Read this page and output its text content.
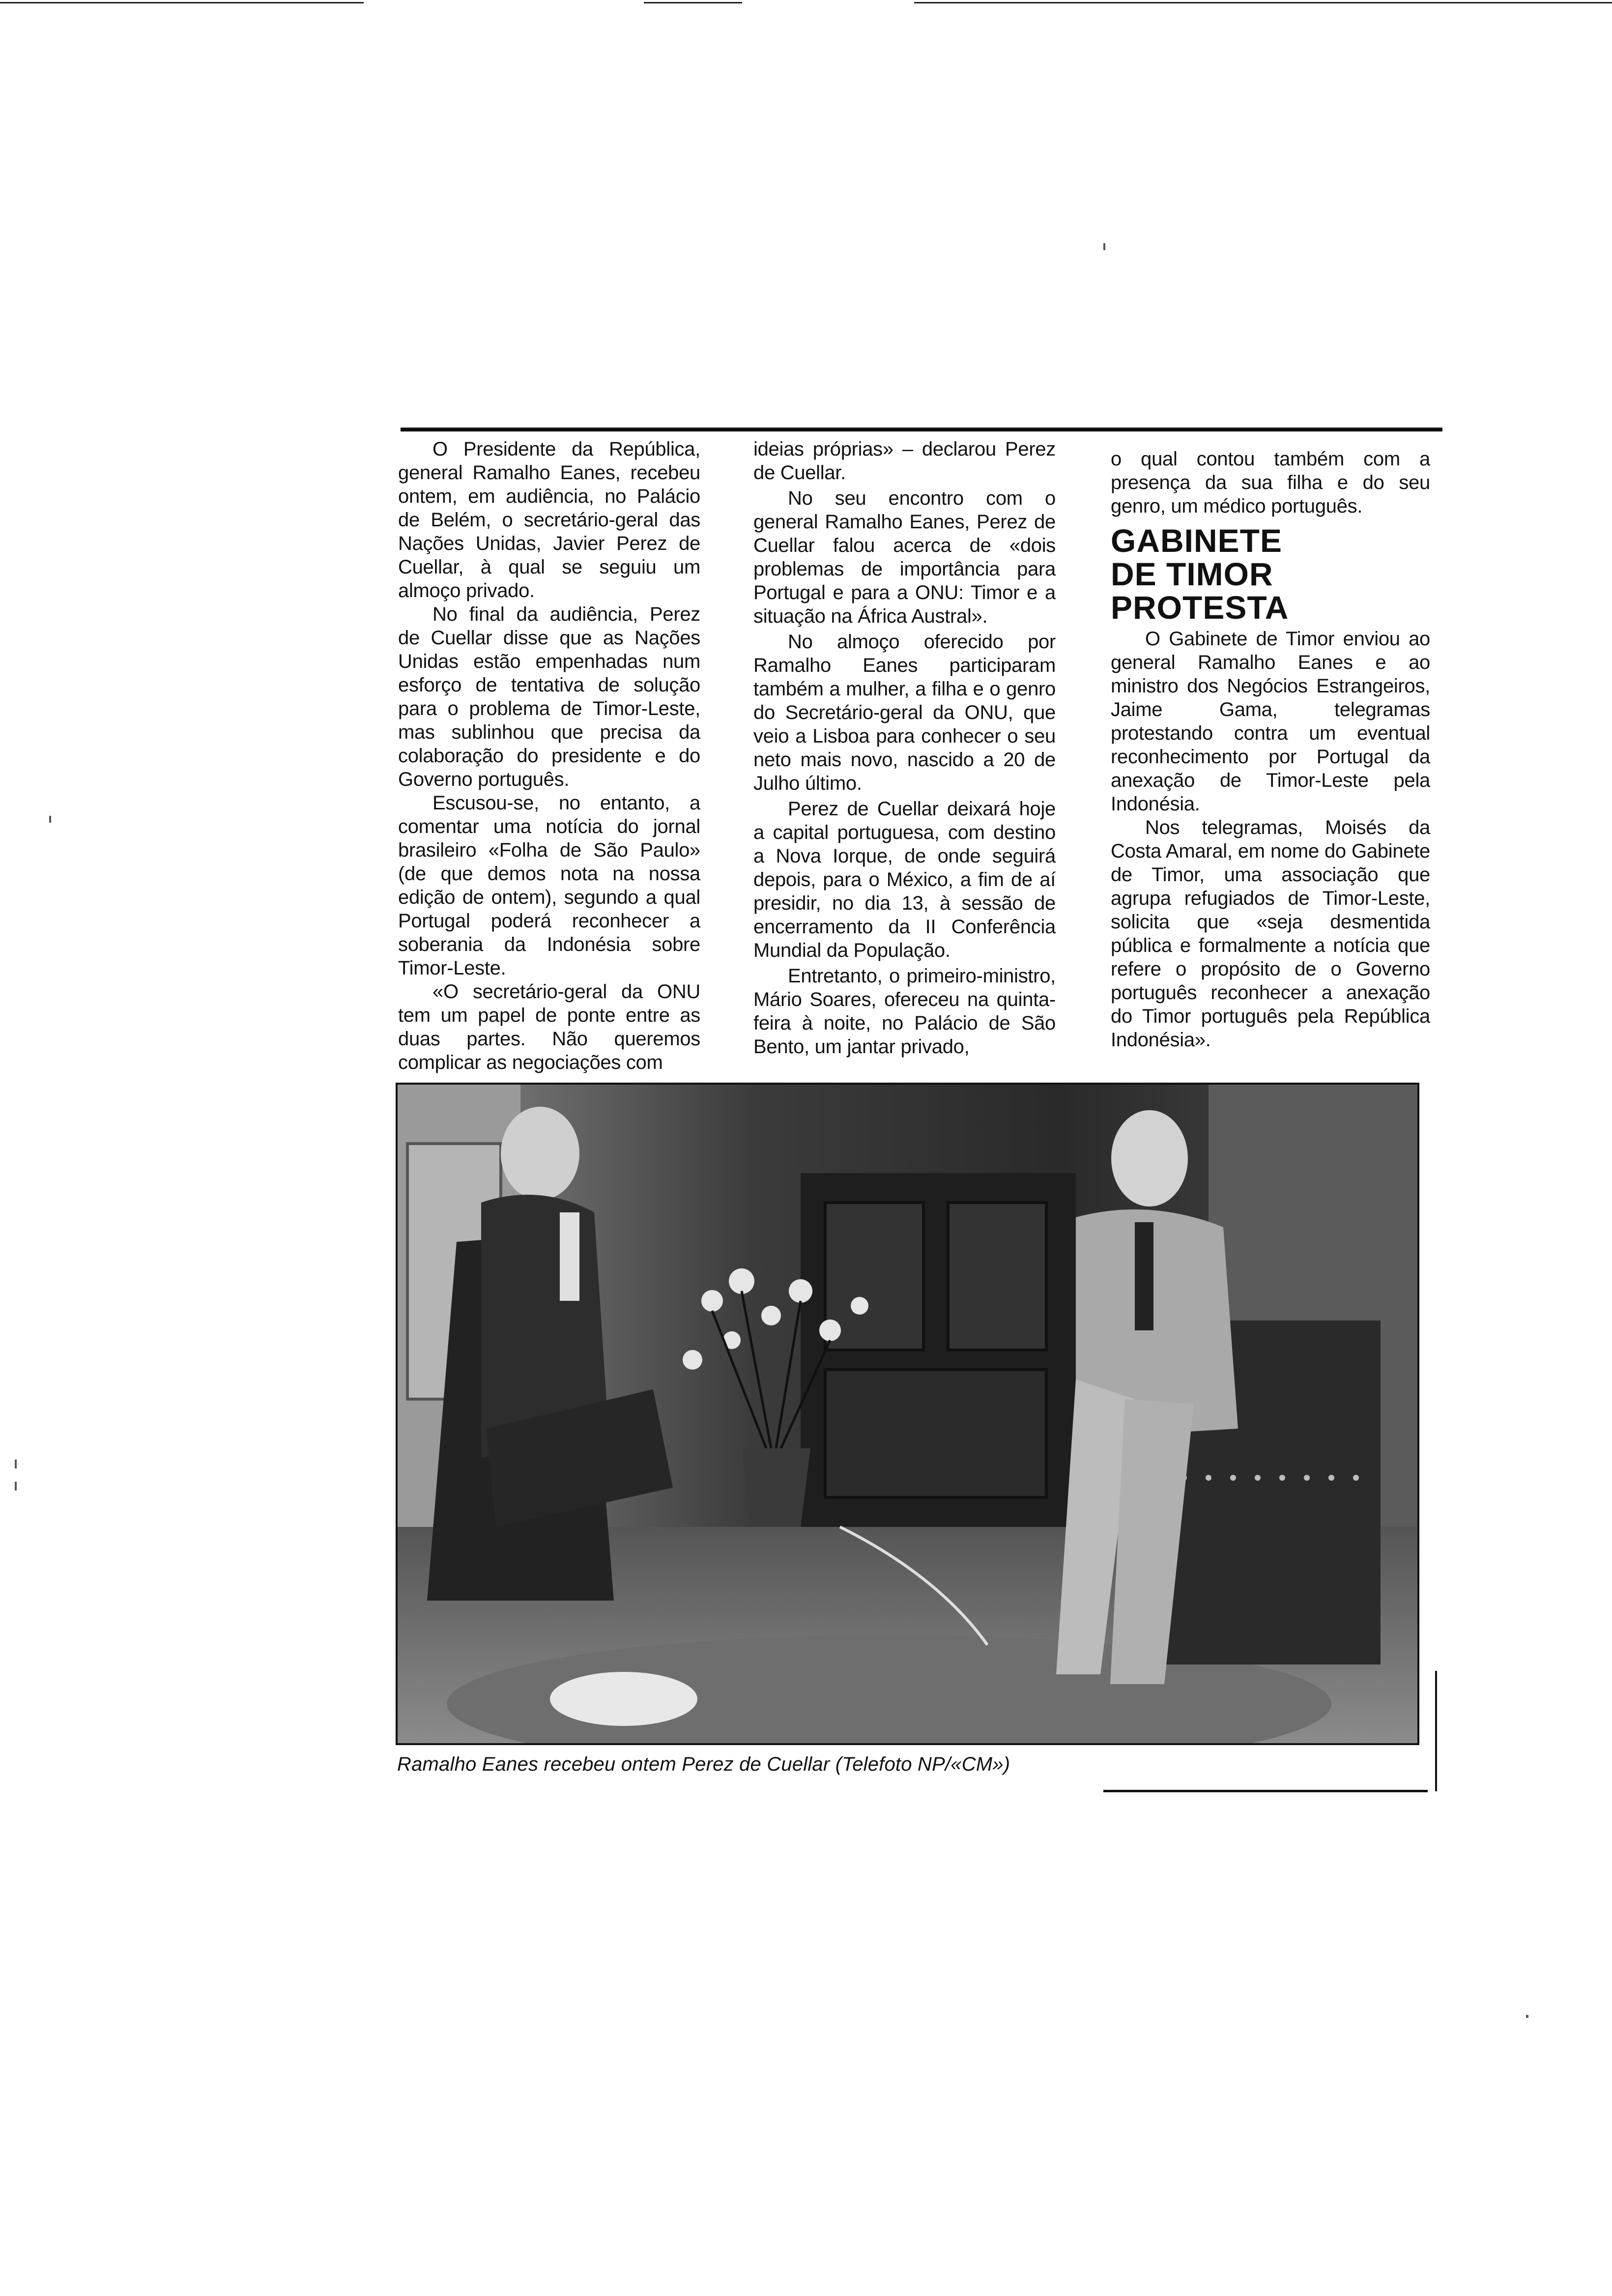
O Presidente da República, general Ramalho Eanes, recebeu ontem, em audiência, no Palácio de Belém, o secretário-geral das Nações Unidas, Javier Perez de Cuellar, à qual se seguiu um almoço privado.

No final da audiência, Perez de Cuellar disse que as Nações Unidas estão empenhadas num esforço de tentativa de solução para o problema de Timor-Leste, mas sublinhou que precisa da colaboração do presidente e do Governo português.

Escusou-se, no entanto, a comentar uma notícia do jornal brasileiro «Folha de São Paulo» (de que demos nota na nossa edição de ontem), segundo a qual Portugal poderá reconhecer a soberania da Indonésia sobre Timor-Leste.

«O secretário-geral da ONU tem um papel de ponte entre as duas partes. Não queremos complicar as negociações com

ideias próprias» – declarou Perez de Cuellar.

No seu encontro com o general Ramalho Eanes, Perez de Cuellar falou acerca de «dois problemas de importância para Portugal e para a ONU: Timor e a situação na África Austral».

No almoço oferecido por Ramalho Eanes participaram também a mulher, a filha e o genro do Secretário-geral da ONU, que veio a Lisboa para conhecer o seu neto mais novo, nascido a 20 de Julho último.

Perez de Cuellar deixará hoje a capital portuguesa, com destino a Nova Iorque, de onde seguirá depois, para o México, a fim de aí presidir, no dia 13, à sessão de encerramento da II Conferência Mundial da População.

Entretanto, o primeiro-ministro, Mário Soares, ofereceu na quinta-feira à noite, no Palácio de São Bento, um jantar privado,

o qual contou também com a presença da sua filha e do seu genro, um médico português.

GABINETE
DE TIMOR
PROTESTA

O Gabinete de Timor enviou ao general Ramalho Eanes e ao ministro dos Negócios Estrangeiros, Jaime Gama, telegramas protestando contra um eventual reconhecimento por Portugal da anexação de Timor-Leste pela Indonésia.

Nos telegramas, Moisés da Costa Amaral, em nome do Gabinete de Timor, uma associação que agrupa refugiados de Timor-Leste, solicita que «seja desmentida pública e formalmente a notícia que refere o propósito de o Governo português reconhecer a anexação do Timor português pela República Indonésia».

Ramalho Eanes recebeu ontem Perez de Cuellar (Telefoto NP/«CM»)
